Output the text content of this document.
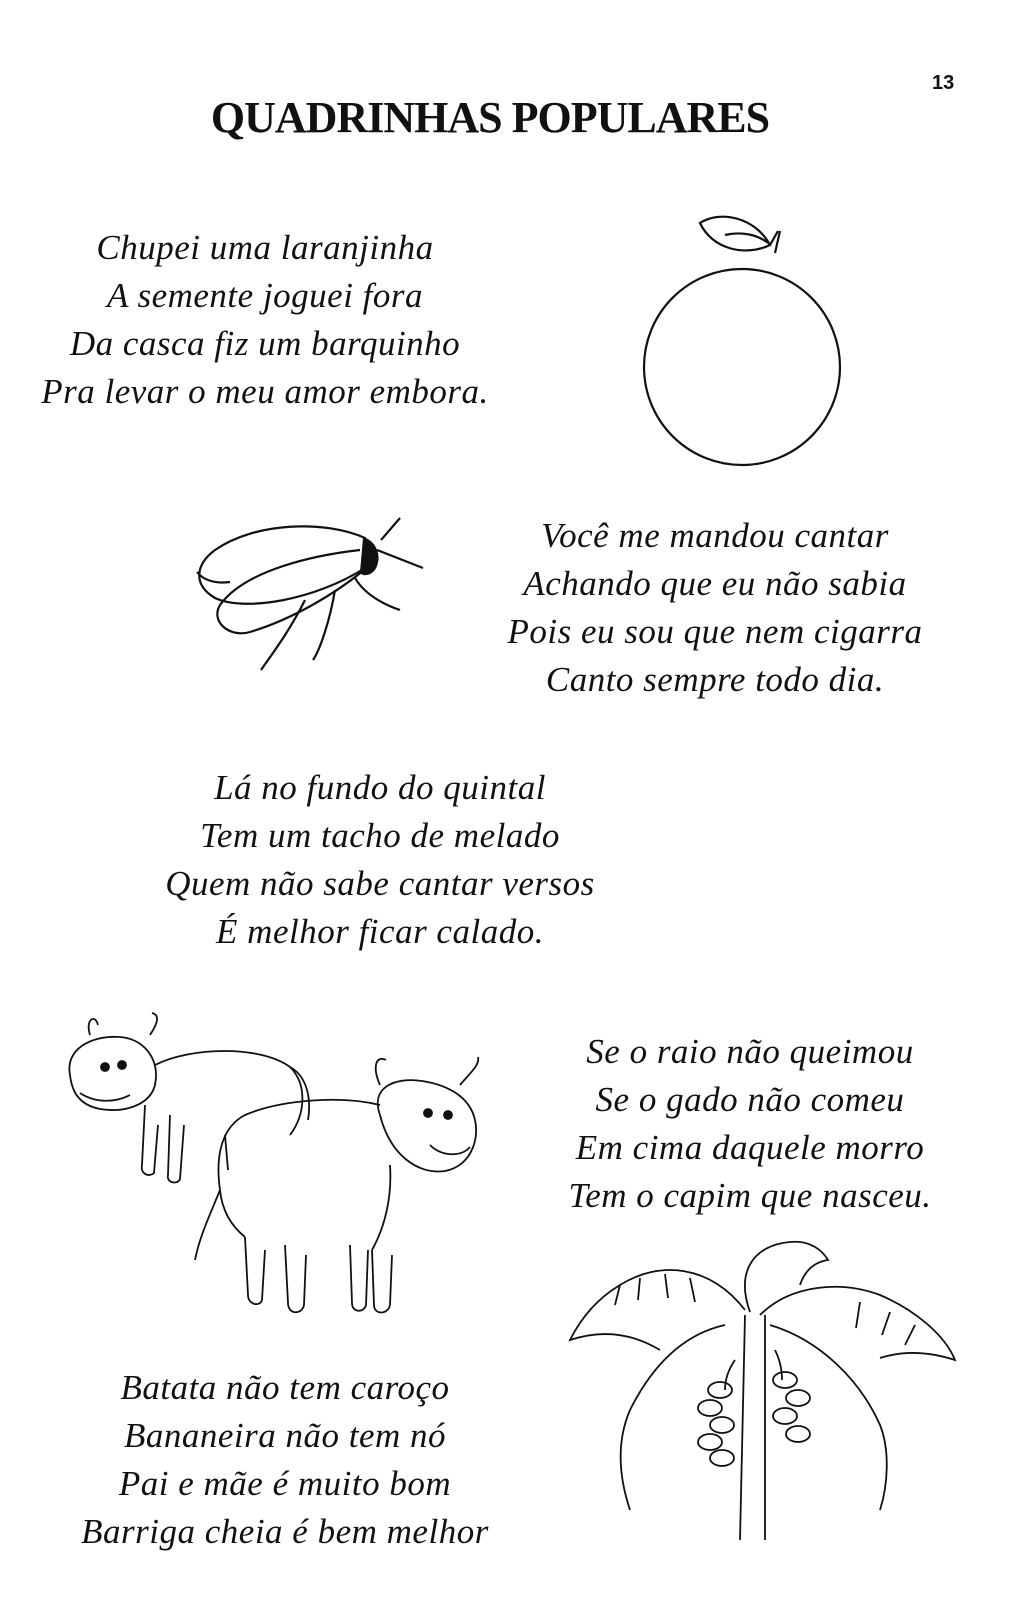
13
QUADRINHAS POPULARES
Chupei uma laranjinha
A semente joguei fora
Da casca fiz um barquinho
Pra levar o meu amor embora.
Você me mandou cantar
Achando que eu não sabia
Pois eu sou que nem cigarra
Canto sempre todo dia.
Lá no fundo do quintal
Tem um tacho de melado
Quem não sabe cantar versos
É melhor ficar calado.
Se o raio não queimou
Se o gado não comeu
Em cima daquele morro
Tem o capim que nasceu.
Batata não tem caroço
Bananeira não tem nó
Pai e mãe é muito bom
Barriga cheia é bem melhor
